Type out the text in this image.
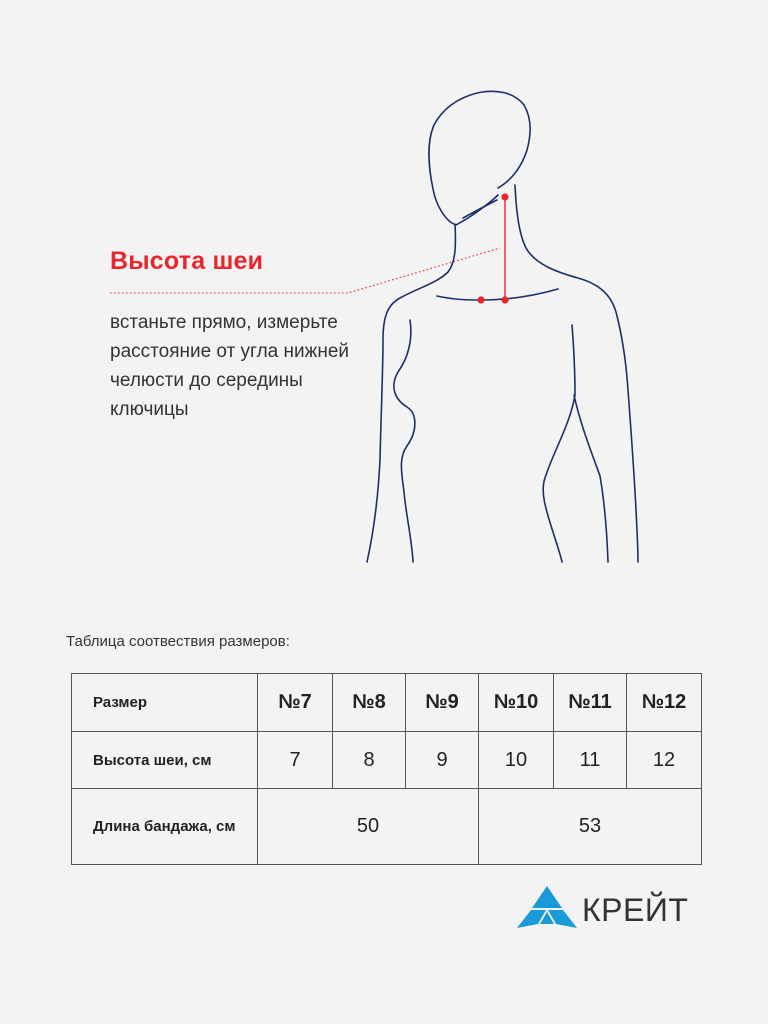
Высота шеи
встаньте прямо, измерьте расстояние от угла нижней челюсти до середины ключицы
Таблица соотвествия размеров:
Размер	№7	№8	№9	№10	№11	№12
Высота шеи, см	7	8	9	10	11	12
Длина бандажа, см	50			53		
КРЕЙТ
